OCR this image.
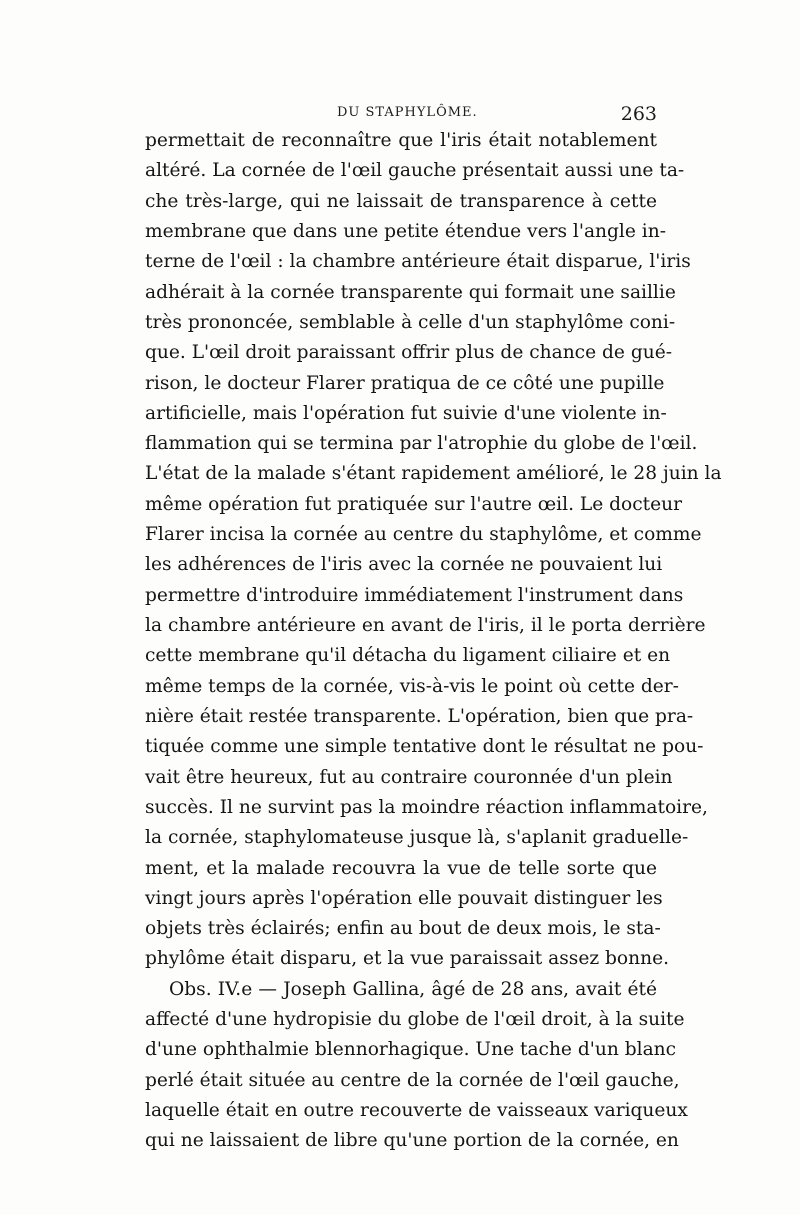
DU STAPHYLÔME.	263
permettait de reconnaître que l'iris était notablement
altéré. La cornée de l'œil gauche présentait aussi une ta-
che très-large, qui ne laissait de transparence à cette
membrane que dans une petite étendue vers l'angle in-
terne de l'œil : la chambre antérieure était disparue, l'iris
adhérait à la cornée transparente qui formait une saillie
très prononcée, semblable à celle d'un staphylôme coni-
que. L'œil droit paraissant offrir plus de chance de gué-
rison, le docteur Flarer pratiqua de ce côté une pupille
artificielle, mais l'opération fut suivie d'une violente in-
flammation qui se termina par l'atrophie du globe de l'œil.
L'état de la malade s'étant rapidement amélioré, le 28 juin la
même opération fut pratiquée sur l'autre œil. Le docteur
Flarer incisa la cornée au centre du staphylôme, et comme
les adhérences de l'iris avec la cornée ne pouvaient lui
permettre d'introduire immédiatement l'instrument dans
la chambre antérieure en avant de l'iris, il le porta derrière
cette membrane qu'il détacha du ligament ciliaire et en
même temps de la cornée, vis-à-vis le point où cette der-
nière était restée transparente. L'opération, bien que pra-
tiquée comme une simple tentative dont le résultat ne pou-
vait être heureux, fut au contraire couronnée d'un plein
succès. Il ne survint pas la moindre réaction inflammatoire,
la cornée, staphylomateuse jusque là, s'aplanit graduelle-
ment, et la malade recouvra la vue de telle sorte que
vingt jours après l'opération elle pouvait distinguer les
objets très éclairés; enfin au bout de deux mois, le sta-
phylôme était disparu, et la vue paraissait assez bonne.
Obs. IV.e — Joseph Gallina, âgé de 28 ans, avait été
affecté d'une hydropisie du globe de l'œil droit, à la suite
d'une ophthalmie blennorhagique. Une tache d'un blanc
perlé était située au centre de la cornée de l'œil gauche,
laquelle était en outre recouverte de vaisseaux variqueux
qui ne laissaient de libre qu'une portion de la cornée, en
